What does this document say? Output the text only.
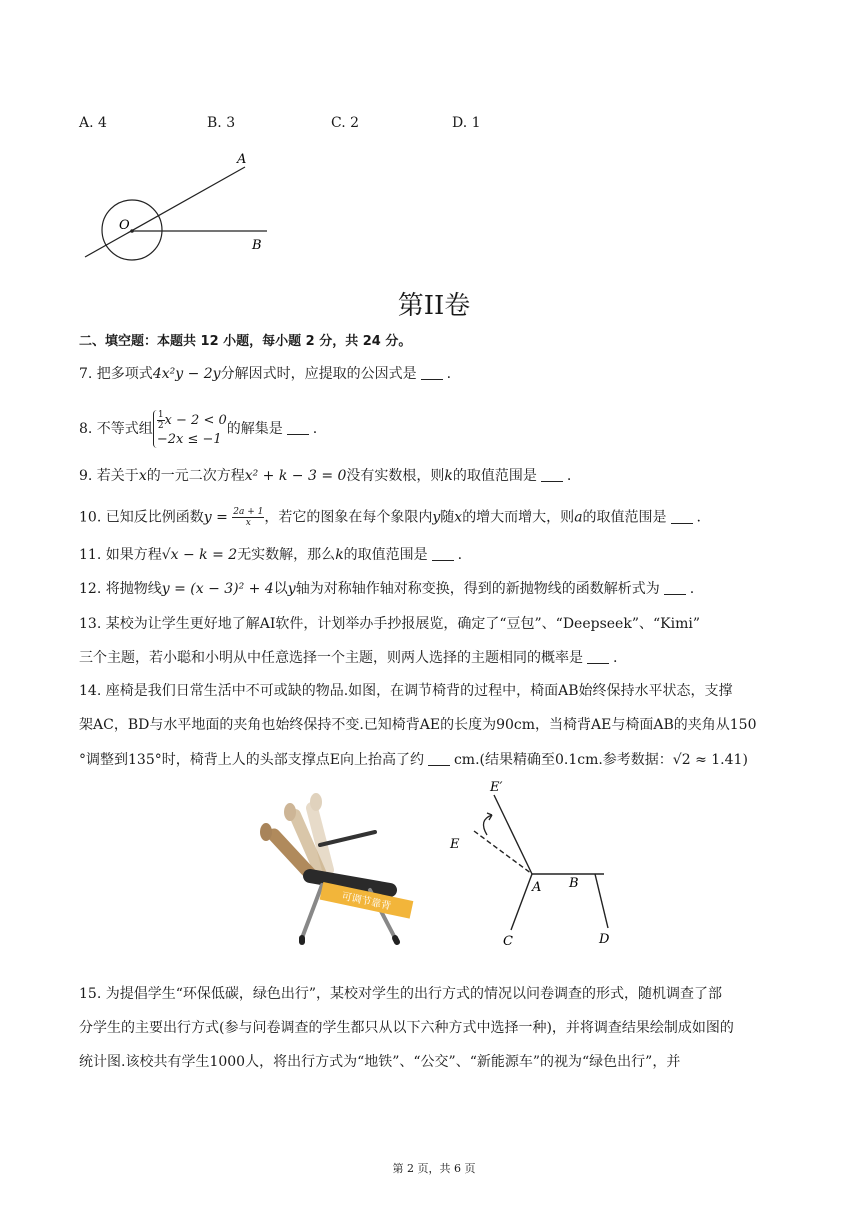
A. 4	B. 3	C. 2	D. 1
A
O
B
第II卷
二、填空题：本题共 12 小题，每小题 2 分，共 24 分。
7. 把多项式4x²y − 2y分解因式时，应提取的公因式是 .
8. 不等式组 $\frac{1}{2}$ x − 2 < 0
−2x ≤ −1
的解集是 .
9. 若关于x的一元二次方程x² + k − 3 = 0没有实数根，则k的取值范围是 .
10. 已知反比例函数$y = \frac{2a + 1}{x}$ ，若它的图象在每个象限内y随x的增大而增大，则a的取值范围是 .
11. 如果方程√x − k = 2无实数解，那么k的取值范围是 .
12. 将抛物线y = (x − 3)² + 4以y轴为对称轴作轴对称变换，得到的新抛物线的函数解析式为 .
13. 某校为让学生更好地了解AI软件，计划举办手抄报展览，确定了“豆包”、“Deepseek”、“Kimi”
三个主题，若小聪和小明从中任意选择一个主题，则两人选择的主题相同的概率是 .
14. 座椅是我们日常生活中不可或缺的物品.如图，在调节椅背的过程中，椅面AB始终保持水平状态，支撑
架AC，BD与水平地面的夹角也始终保持不变.已知椅背AE的长度为90cm，当椅背AE与椅面AB的夹角从150
°调整到135°时，椅背上人的头部支撑点E向上抬高了约 cm.(结果精确至0.1cm.参考数据：√2 ≈ 1.41)
可调节靠背
E′
E
A B
C	D
15. 为提倡学生“环保低碳，绿色出行”，某校对学生的出行方式的情况以问卷调查的形式，随机调查了部
分学生的主要出行方式(参与问卷调查的学生都只从以下六种方式中选择一种)，并将调查结果绘制成如图的
统计图.该校共有学生1000人，将出行方式为“地铁”、“公交”、“新能源车”的视为“绿色出行”，并
第 2 页，共 6 页
